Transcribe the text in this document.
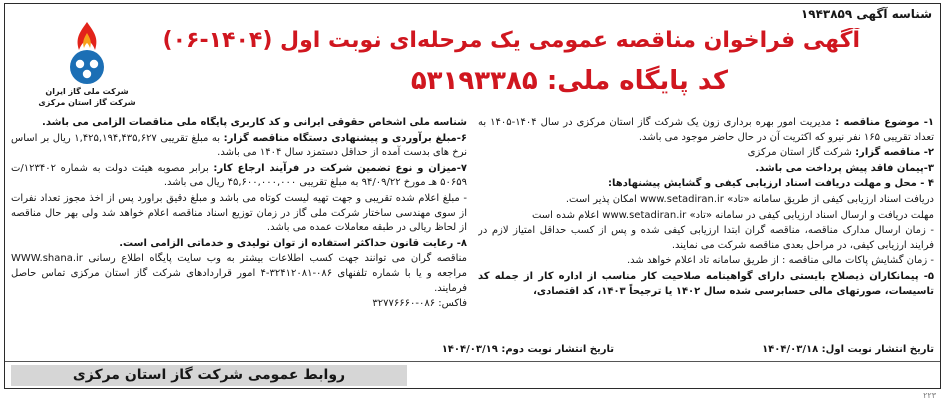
شناسه آگهی ۱۹۴۳۸۵۹
شرکت ملی گاز ایران
شرکت گاز استان مرکزی
آگهی فراخوان مناقصه عمومی یک مرحله‌ای نوبت اول (۱۴۰۴-۰۶)
کد پایگاه ملی: ۵۳۱۹۳۳۸۵

۱- موضوع مناقصه : مدیریت امور بهره برداری زون یک شرکت گاز استان مرکزی در سال ۱۴۰۴-۱۴۰۵ به تعداد تقریبی ۱۶۵ نفر نیرو که اکثریت آن در حال حاضر موجود می باشد.

۲- مناقصه گزار: شرکت گاز استان مرکزی

۳-پیمان فاقد پیش پرداخت می باشد.

۴ - محل و مهلت دریافت اسناد ارزیابی کیفی و گشایش پیشنهادها:

دریافت اسناد ارزیابی کیفی از طریق سامانه «تاد» www.setadiran.ir امکان پذیر است.

مهلت دریافت و ارسال اسناد ارزیابی کیفی در سامانه «تاد» www.setadiran.ir اعلام شده است

- زمان ارسال مدارک مناقصه، مناقصه گران ابتدا ارزیابی کیفی شده و پس از کسب حداقل امتیاز لازم در فرایند ارزیابی کیفی، در مراحل بعدی مناقصه شرکت می نمایند.

- زمان گشایش پاکات مالی مناقصه : از طریق سامانه تاد اعلام خواهد شد.

۵- پیمانکاران ذیصلاح بایستی دارای گواهینامه صلاحیت کار مناسب از اداره کار از جمله کد تاسیسات، صورتهای مالی حسابرسی شده سال ۱۴۰۲ یا ترجیحاً ۱۴۰۳، کد اقتصادی،

شناسه ملی اشخاص حقوقی ایرانی و کد کاربری پایگاه ملی مناقصات الزامی می باشد.

۶-مبلغ برآوردی و پیشنهادی دستگاه مناقصه گزار: به مبلغ تقریبی ۱,۴۲۵,۱۹۴,۴۳۵,۶۲۷ ریال بر اساس نرخ های بدست آمده از حداقل دستمزد سال ۱۴۰۴ می باشد.

۷-میزان و نوع تضمین شرکت در فرآیند ارجاع کار: برابر مصوبه هیئت دولت به شماره ۱۲۳۴۰۲/ت ۵۰۶۵۹ هـ مورخ ۹۴/۰۹/۲۲ به مبلغ تقریبی ۴۵,۶۰۰,۰۰۰,۰۰۰ ریال می باشد.

- مبلغ اعلام شده تقریبی و جهت تهیه لیست کوتاه می باشد و مبلغ دقیق براورد پس از اخذ مجوز تعداد نفرات از سوی مهندسی ساختار شرکت ملی گاز در زمان توزیع اسناد مناقصه اعلام خواهد شد ولی بهر حال مناقصه از لحاظ ریالی در طبقه معاملات عمده می باشد.

۸- رعایت قانون حداکثر استفاده از توان تولیدی و خدماتی الزامی است.

مناقصه گران می توانند جهت کسب اطلاعات بیشتر به وب سایت پایگاه اطلاع رسانی WWW.shana.ir مراجعه و یا با شماره تلفنهای ۰۸۶-۳۲۴۱۲۰۸۱-۴ امور قراردادهای شرکت گاز استان مرکزی تماس حاصل فرمایند.

فاکس: ۰۸۶-۳۲۷۷۶۶۶۰

تاریخ انتشار نوبت اول: ۱۴۰۴/۰۳/۱۸
تاریخ انتشار نوبت دوم: ۱۴۰۴/۰۳/۱۹
روابط عمومی شرکت گاز استان مرکزی
۲۲۳
